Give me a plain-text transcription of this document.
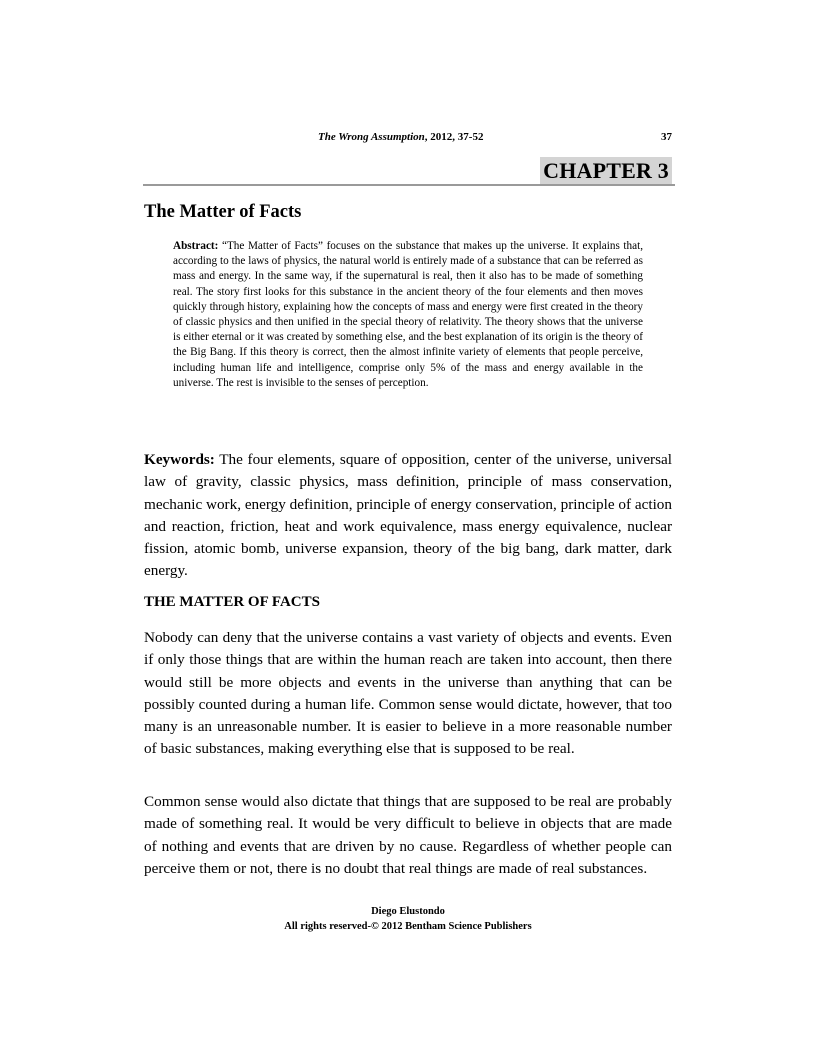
The Wrong Assumption, 2012, 37-52	37
CHAPTER 3
The Matter of Facts

Abstract: “The Matter of Facts” focuses on the substance that makes up the universe. It explains that, according to the laws of physics, the natural world is entirely made of a substance that can be referred as mass and energy. In the same way, if the supernatural is real, then it also has to be made of something real. The story first looks for this substance in the ancient theory of the four elements and then moves quickly through history, explaining how the concepts of mass and energy were first created in the theory of classic physics and then unified in the special theory of relativity. The theory shows that the universe is either eternal or it was created by something else, and the best explanation of its origin is the theory of the Big Bang. If this theory is correct, then the almost infinite variety of elements that people perceive, including human life and intelligence, comprise only 5% of the mass and energy available in the universe. The rest is invisible to the senses of perception.

Keywords: The four elements, square of opposition, center of the universe, universal law of gravity, classic physics, mass definition, principle of mass conservation, mechanic work, energy definition, principle of energy conservation, principle of action and reaction, friction, heat and work equivalence, mass energy equivalence, nuclear fission, atomic bomb, universe expansion, theory of the big bang, dark matter, dark energy.

THE MATTER OF FACTS

Nobody can deny that the universe contains a vast variety of objects and events. Even if only those things that are within the human reach are taken into account, then there would still be more objects and events in the universe than anything that can be possibly counted during a human life. Common sense would dictate, however, that too many is an unreasonable number. It is easier to believe in a more reasonable number of basic substances, making everything else that is supposed to be real.

Common sense would also dictate that things that are supposed to be real are probably made of something real. It would be very difficult to believe in objects that are made of nothing and events that are driven by no cause. Regardless of whether people can perceive them or not, there is no doubt that real things are made of real substances.

Diego Elustondo
All rights reserved-© 2012 Bentham Science Publishers
